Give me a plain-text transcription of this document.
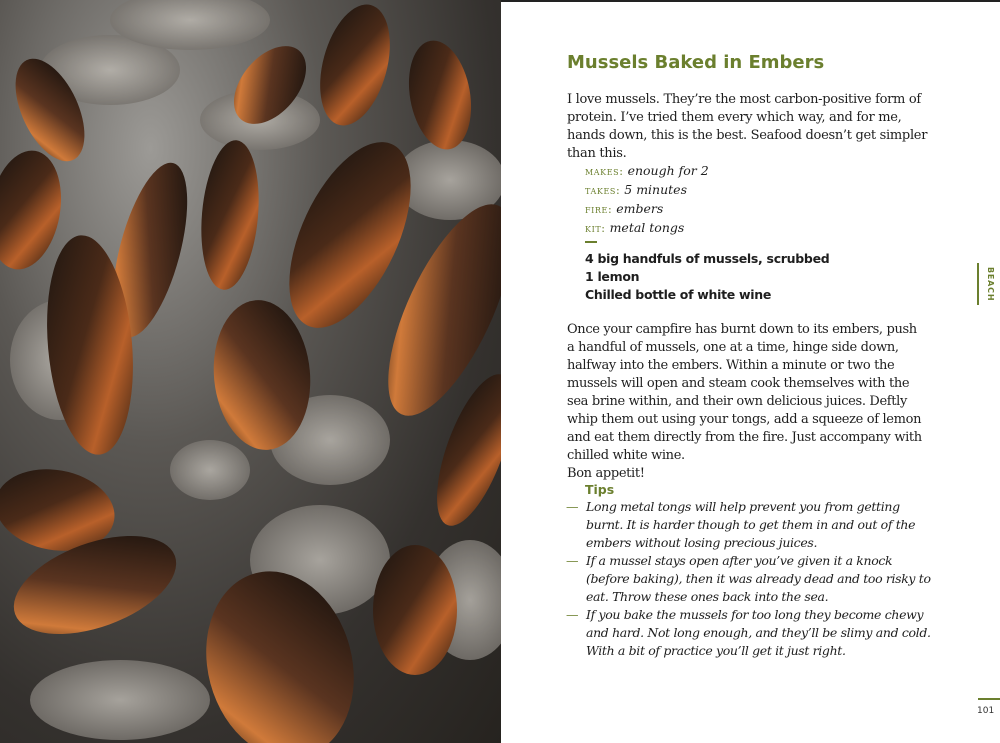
Mussels Baked in Embers
I love mussels. They’re the most carbon-positive form of protein. I’ve tried them every which way, and for me, hands down, this is the best. Seafood doesn’t get simpler than this.
makes: enough for 2
takes: 5 minutes
fire: embers
kit: metal tongs
4 big handfuls of mussels, scrubbed
1 lemon
Chilled bottle of white wine
Once your campfire has burnt down to its embers, push a handful of mussels, one at a time, hinge side down, halfway into the embers. Within a minute or two the mussels will open and steam cook themselves with the sea brine within, and their own delicious juices. Deftly whip them out using your tongs, add a squeeze of lemon and eat them directly from the fire. Just accompany with chilled white wine.
Bon appetit!
Tips
— Long metal tongs will help prevent you from getting burnt. It is harder though to get them in and out of the embers without losing precious juices.
— If a mussel stays open after you’ve given it a knock (before baking), then it was already dead and too risky to eat. Throw these ones back into the sea.
— If you bake the mussels for too long they become chewy and hard. Not long enough, and they’ll be slimy and cold. With a bit of practice you’ll get it just right.
BEACH
101
